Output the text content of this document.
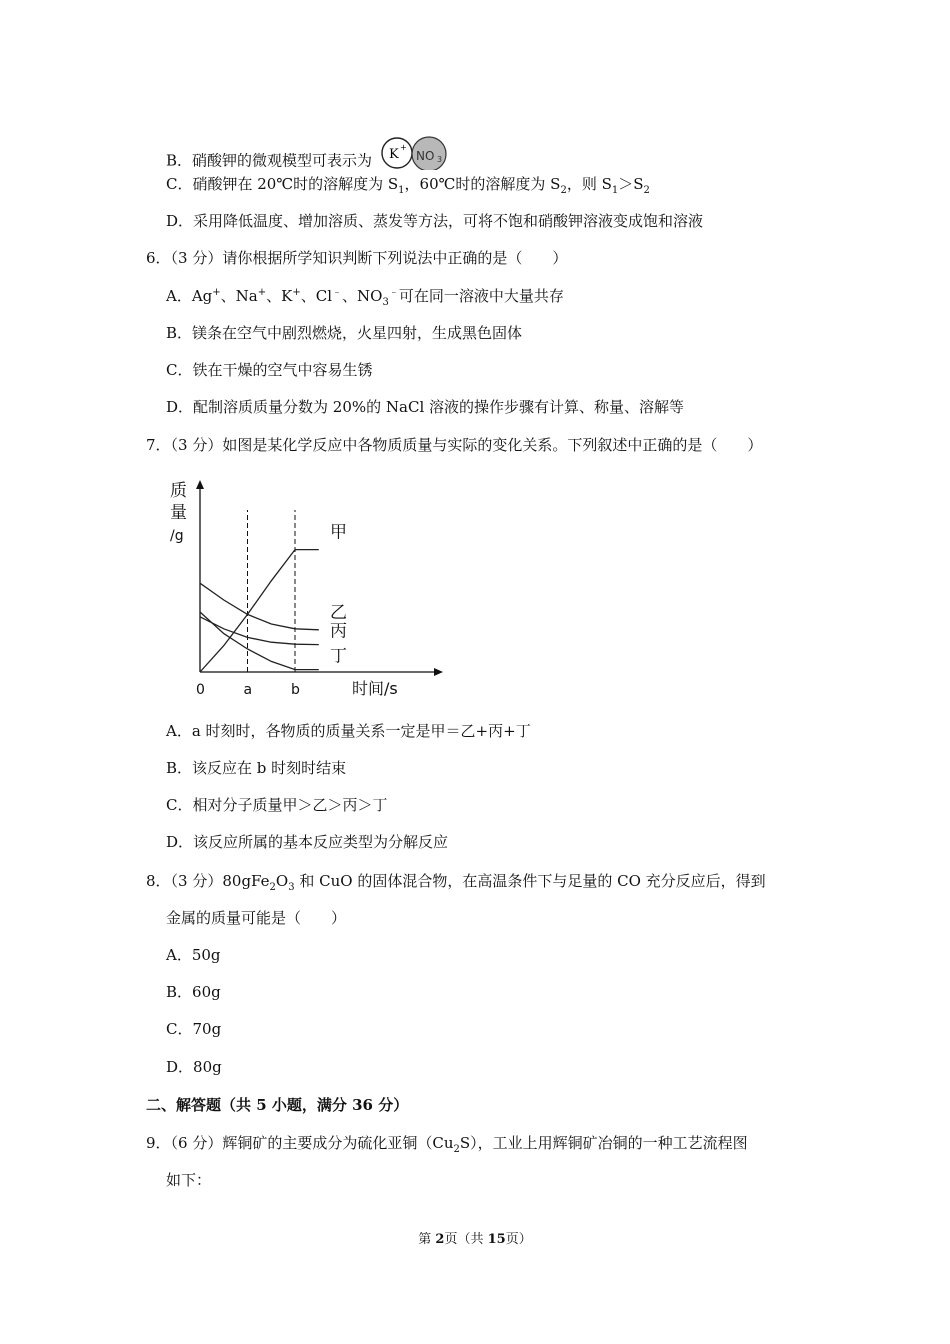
B．硝酸钾的微观模型可表示为 K +
NO 3
C．硝酸钾在 20℃时的溶解度为 $S_1$，60℃时的溶解度为 $S_2$，则 $S_1>S_2$
D．采用降低温度、增加溶质、蒸发等方法，可将不饱和硝酸钾溶液变成饱和溶液
6．（3 分）请你根据所学知识判断下列说法中正确的是（　　）
A．Ag+、Na+、K+、Cl﹣、$NO_3^﹣$可在同一溶液中大量共存
B．镁条在空气中剧烈燃烧，火星四射，生成黑色固体
C．铁在干燥的空气中容易生锈
D．配制溶质质量分数为 20%的 NaCl 溶液的操作步骤有计算、称量、溶解等
7．（3 分）如图是某化学反应中各物质质量与实际的变化关系。下列叙述中正确的是（　　）
a	b
0
质
量
/g
时间/s
甲
乙
丙
丁
A．a 时刻时，各物质的质量关系一定是甲＝乙+丙+丁
B．该反应在 b 时刻时结束
C．相对分子质量甲＞乙＞丙＞丁
D．该反应所属的基本反应类型为分解反应
8．（3 分）$80gFe_2O_3$ 和 CuO 的固体混合物，在高温条件下与足量的 CO 充分反应后，得到
金属的质量可能是（　　）
A．50g
B．60g
C．70g
D．80g
二、解答题（共 5 小题，满分 36 分）
9．（6 分）辉铜矿的主要成分为硫化亚铜$(Cu_2S)$，工业上用辉铜矿冶铜的一种工艺流程图
如下：
第 2页（共 15页）
